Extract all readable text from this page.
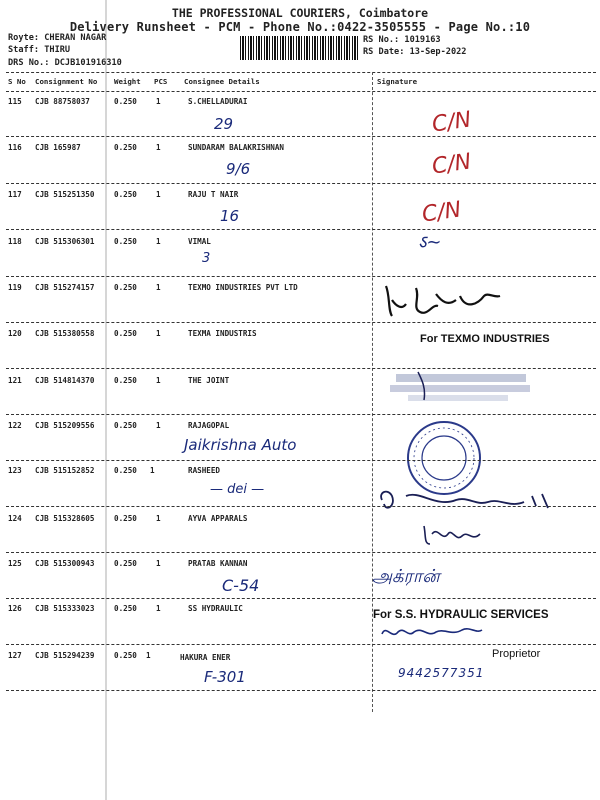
THE PROFESSIONAL COURIERS, Coimbatore
Delivery Runsheet - PCM - Phone No.:0422-3505555 - Page No.:10
Royte: CHERAN NAGAR
Staff: THIRU
DRS No.: DCJB101916310
RS No.: 1019163
RS Date: 13-Sep-2022
S No Consignment No Weight PCS Consignee Details	Signature
115 CJB 88758037	0.250	1	S.CHELLADURAI
29	C/N
116 CJB 165987	0.250	1	SUNDARAM BALAKRISHNAN
9/6	C/N
117 CJB 515251350	0.250	1	RAJU T NAIR
16	C/N
118 CJB 515306301	0.250	1	VIMAL
3
ऽ~
119 CJB 515274157	0.250	1	TEXMO INDUSTRIES PVT LTD
120 CJB 515380558	0.250	1	TEXMA INDUSTRIS	For TEXMO INDUSTRIES
121 CJB 514814370	0.250	1	THE JOINT
122 CJB 515209556	0.250	1	RAJAGOPAL
Jaikrishna Auto
123 CJB 515152852	0.250 1	RASHEED
— dei —
124 CJB 515328605	0.250	1	AYVA APPARALS
125 CJB 515300943	0.250	1	PRATAB KANNAN
C-54	அக்ரான்
126 CJB 515333023	0.250	1	SS HYDRAULIC
For S.S. HYDRAULIC SERVICES
127 CJB 515294239	0.250 1	HAKURA ENER
F-301
Proprietor
9442577351
